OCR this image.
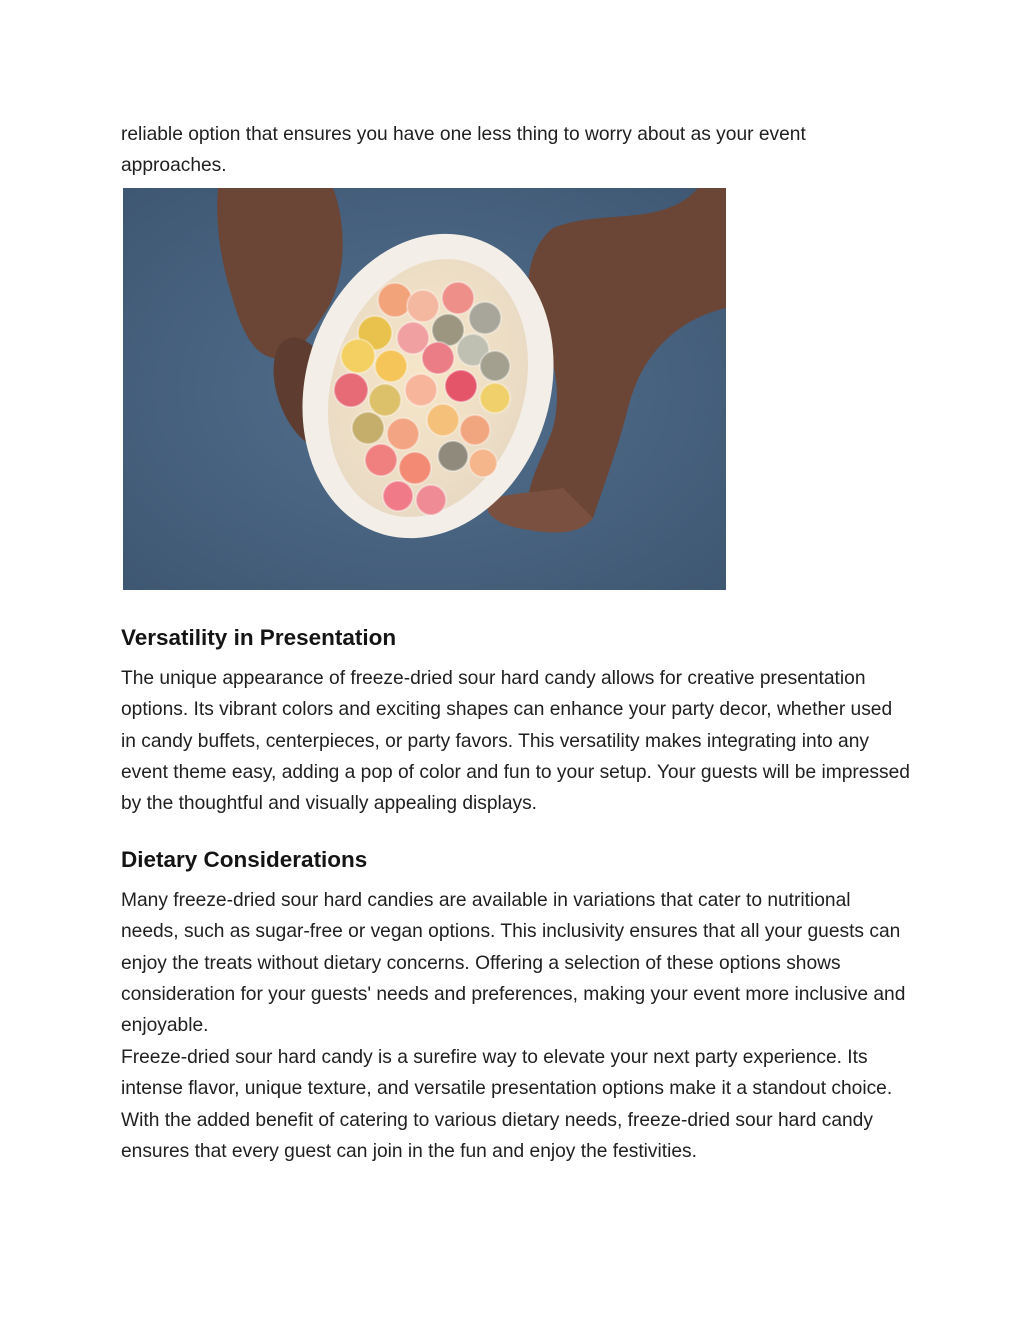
reliable option that ensures you have one less thing to worry about as your event approaches.

Versatility in Presentation

The unique appearance of freeze-dried sour hard candy allows for creative presentation options. Its vibrant colors and exciting shapes can enhance your party decor, whether used in candy buffets, centerpieces, or party favors. This versatility makes integrating into any event theme easy, adding a pop of color and fun to your setup. Your guests will be impressed by the thoughtful and visually appealing displays.

Dietary Considerations

Many freeze-dried sour hard candies are available in variations that cater to nutritional needs, such as sugar-free or vegan options. This inclusivity ensures that all your guests can enjoy the treats without dietary concerns. Offering a selection of these options shows consideration for your guests' needs and preferences, making your event more inclusive and enjoyable.

Freeze-dried sour hard candy is a surefire way to elevate your next party experience. Its intense flavor, unique texture, and versatile presentation options make it a standout choice. With the added benefit of catering to various dietary needs, freeze-dried sour hard candy ensures that every guest can join in the fun and enjoy the festivities.
